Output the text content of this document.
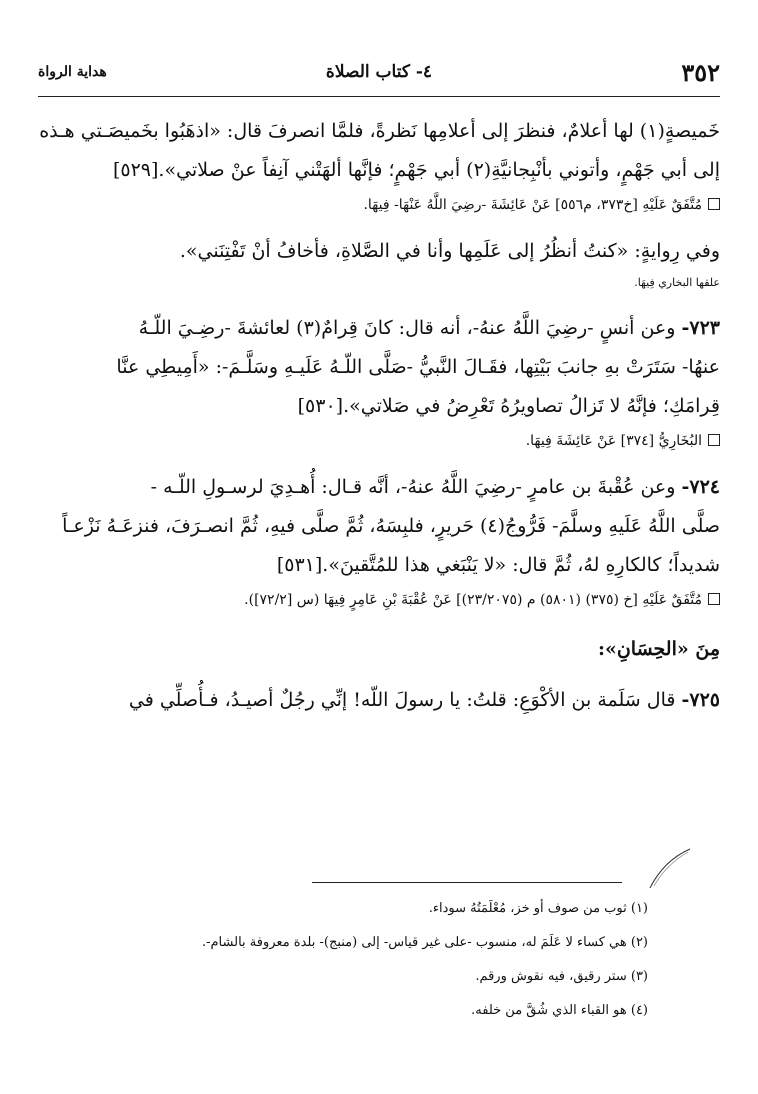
٣٥٢
٤- كتاب الصلاة
هداية الرواة

خَميصةٍ(١) لها أعلامٌ، فنظرَ إلى أعلامِها نَظرةً، فلمَّا انصرفَ قال: «اذهَبُوا بخَميصَـتي هـذه
إلى أبي جَهْمٍ، وأتوني بأنْبِجانيَّةِ(٢) أبي جَهْمٍ؛ فإنَّها ألهَتْني آنِفاً عنْ صلاتي».[٥٢٩]

مُتَّفَقٌ عَلَيْهِ [خ٣٧٣، م٥٥٦] عَنْ عَائِشَةَ -رضِيَ اللَّهُ عَنْهَا- فِيهَا.

وفي رِوايةٍ: «كنتُ أنظُرُ إلى عَلَمِها وأنا في الصَّلاةِ، فأخافُ أنْ تَفْتِنَني».

علقها البخاري فِيهَا.

٧٢٣- وعن أنسٍ -رضِيَ اللَّهُ عنهُ-، أنه قال: كانَ قِرامٌ(٣) لعائشةَ -رضِـيَ اللّـهُ
عنهُا- سَتَرَتْ بهِ جانبَ بَيْتِها، فقَـالَ النَّبيُّ -صَلَّى اللّـهُ عَلَيـهِ وسَلَّـمَ-: «أَمِيطِي عنَّا
قِرامَكِ؛ فإنَّهُ لا تَزالُ تصاويرُهُ تَعْرِضُ في صَلاتي».[٥٣٠]

البُخَارِيُّ [٣٧٤] عَنْ عَائِشَةَ فِيهَا.

٧٢٤- وعن عُقْبةَ بن عامرٍ -رضِيَ اللَّهُ عنهُ-، أنَّه قـال: أُهـدِيَ لرسـولِ اللّـه -
صلَّى اللَّهُ عَلَيهِ وسلَّمَ- فَرُّوجُ(٤) حَريرٍ، فلبِسَهُ، ثُمَّ صلَّى فيهِ، ثُمَّ انصـرَفَ، فنزعَـهُ نَزْعـاً
شديداً؛ كالكارِهِ لهُ، ثُمَّ قال: «لا يَنْبَغي هذا للمُتَّقينَ».[٥٣١]

مُتَّفَقٌ عَلَيْهِ [خ (٣٧٥) (٥٨٠١) م (٢٣/٢٠٧٥)] عَنْ عُقْبَةَ بْنِ عَامِرٍ فِيهَا (س [٧٢/٢]).

مِنَ «الحِسَانِ»:

٧٢٥- قال سَلَمة بن الأكْوَعِ: قلتُ: يا رسولَ اللّه! إنِّي رجُلٌ أصيـدُ، فـأُصلِّي في

(١) ثوب من صوف أو خز، مُعْلَمَتُهُ سوداء.

(٢) هي كساء لا عَلَمَ له، منسوب -على غير قياس- إلى (منبج)- بلدة معروفة بالشام-.

(٣) ستر رقيق، فيه نقوش ورقم.

(٤) هو القباء الذي شُقَّ من خلفه.
